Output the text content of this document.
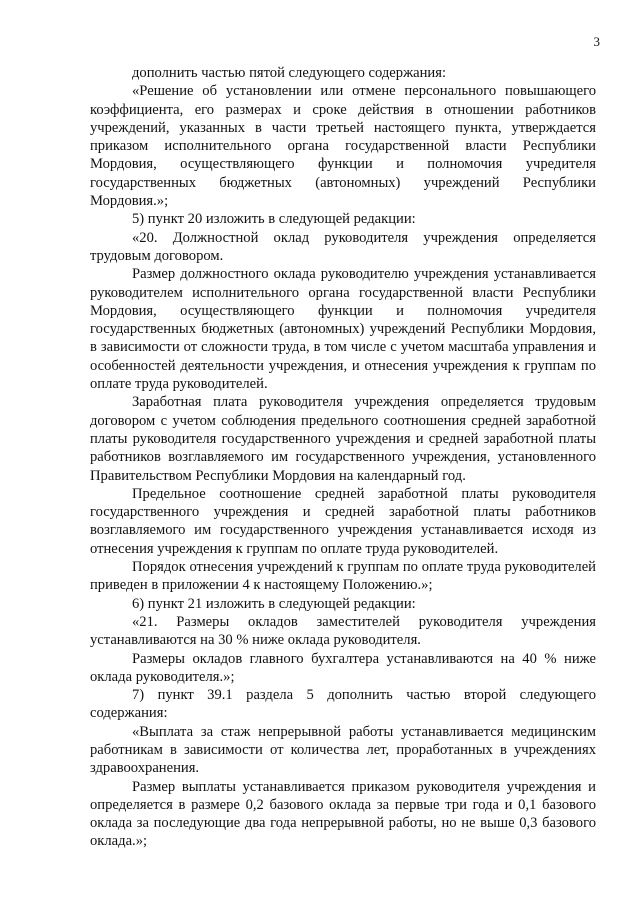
3

дополнить частью пятой следующего содержания:

«Решение об установлении или отмене персонального повышающего коэффициента, его размерах и сроке действия в отношении работников учреждений, указанных в части третьей настоящего пункта, утверждается приказом исполнительного органа государственной власти Республики Мордовия, осуществляющего функции и полномочия учредителя государственных бюджетных (автономных) учреждений Республики Мордовия.»;

5) пункт 20 изложить в следующей редакции:

«20. Должностной оклад руководителя учреждения определяется трудовым договором.

Размер должностного оклада руководителю учреждения устанавливается руководителем исполнительного органа государственной власти Республики Мордовия, осуществляющего функции и полномочия учредителя государственных бюджетных (автономных) учреждений Республики Мордовия, в зависимости от сложности труда, в том числе с учетом масштаба управления и особенностей деятельности учреждения, и отнесения учреждения к группам по оплате труда руководителей.

Заработная плата руководителя учреждения определяется трудовым договором с учетом соблюдения предельного соотношения средней заработной платы руководителя государственного учреждения и средней заработной платы работников возглавляемого им государственного учреждения, установленного Правительством Республики Мордовия на календарный год.

Предельное соотношение средней заработной платы руководителя государственного учреждения и средней заработной платы работников возглавляемого им государственного учреждения устанавливается исходя из отнесения учреждения к группам по оплате труда руководителей.

Порядок отнесения учреждений к группам по оплате труда руководителей приведен в приложении 4 к настоящему Положению.»;

6) пункт 21 изложить в следующей редакции:

«21. Размеры окладов заместителей руководителя учреждения устанавливаются на 30 % ниже оклада руководителя.

Размеры окладов главного бухгалтера устанавливаются на 40 % ниже оклада руководителя.»;

7) пункт 39.1 раздела 5 дополнить частью второй следующего содержания:

«Выплата за стаж непрерывной работы устанавливается медицинским работникам в зависимости от количества лет, проработанных в учреждениях здравоохранения.

Размер выплаты устанавливается приказом руководителя учреждения и определяется в размере 0,2 базового оклада за первые три года и 0,1 базового оклада за последующие два года непрерывной работы, но не выше 0,3 базового оклада.»;
